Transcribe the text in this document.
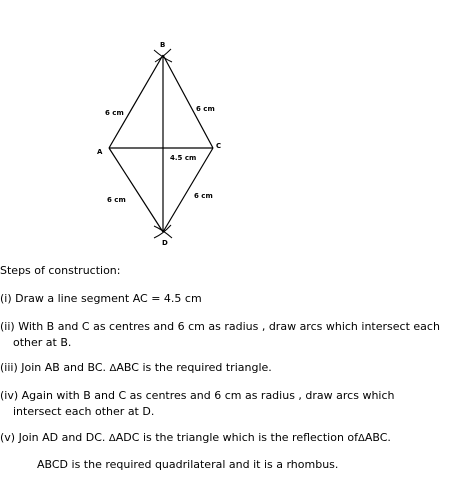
B
A
C
D
6 cm	6 cm
4.5 cm
6 cm	6 cm

Steps of construction:

(i) Draw a line segment AC = 4.5 cm

(ii) With B and C as centres and 6 cm as radius , draw arcs which intersect each

other at B.

(iii) Join AB and BC. ΔABC is the required triangle.

(iv) Again with B and C as centres and 6 cm as radius , draw arcs which

intersect each other at D.

(v) Join AD and DC. ΔADC is the triangle which is the reflection ofΔABC.

ABCD is the required quadrilateral and it is a rhombus.
